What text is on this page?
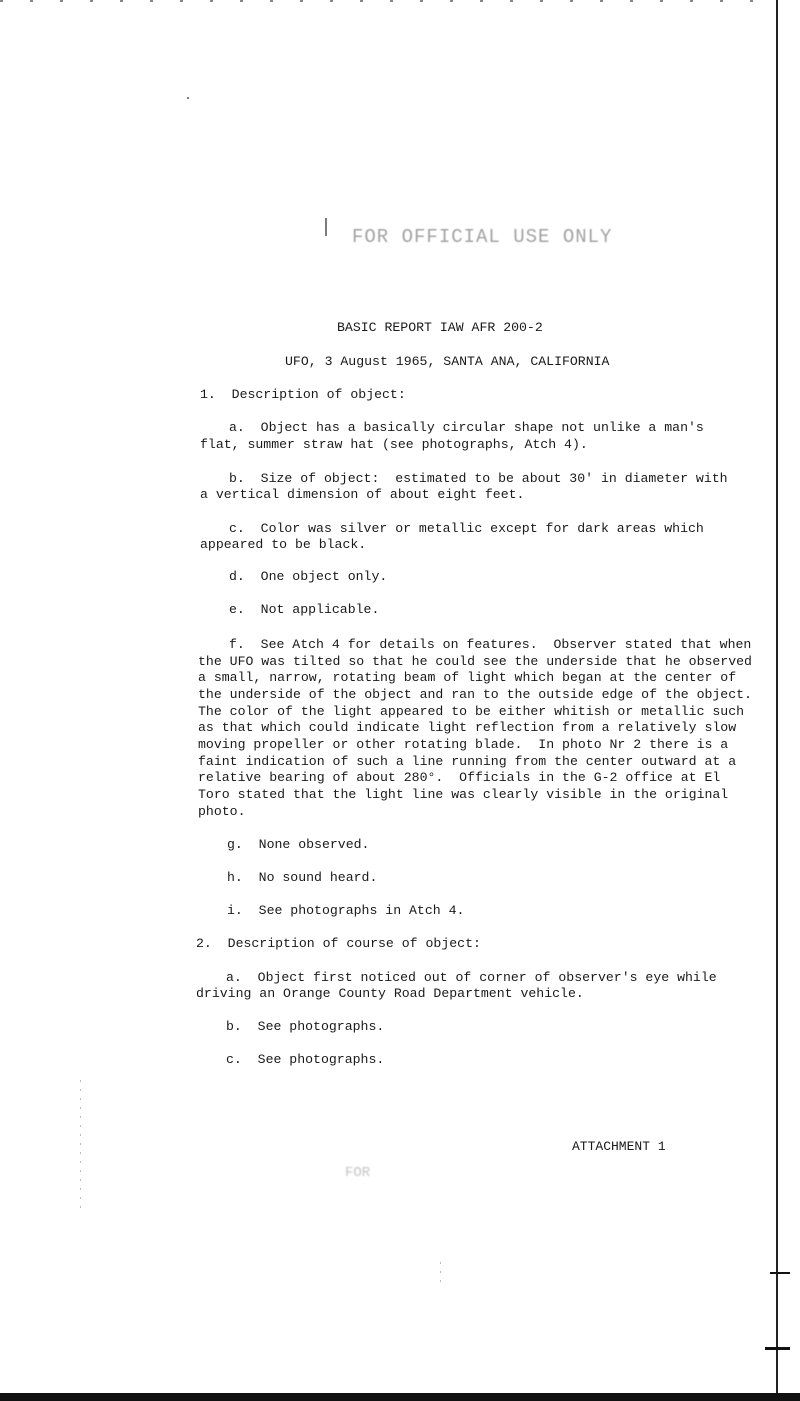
FOR OFFICIAL USE ONLY
BASIC REPORT IAW AFR 200-2
UFO, 3 August 1965, SANTA ANA, CALIFORNIA
1.  Description of object:
a.  Object has a basically circular shape not unlike a man's
flat, summer straw hat (see photographs, Atch 4).
b.  Size of object:  estimated to be about 30' in diameter with
a vertical dimension of about eight feet.
c.  Color was silver or metallic except for dark areas which
appeared to be black.
d.  One object only.
e.  Not applicable.
f.  See Atch 4 for details on features.  Observer stated that when
the UFO was tilted so that he could see the underside that he observed
a small, narrow, rotating beam of light which began at the center of
the underside of the object and ran to the outside edge of the object.
The color of the light appeared to be either whitish or metallic such
as that which could indicate light reflection from a relatively slow
moving propeller or other rotating blade.  In photo Nr 2 there is a
faint indication of such a line running from the center outward at a
relative bearing of about 280°.  Officials in the G-2 office at El
Toro stated that the light line was clearly visible in the original
photo.
g.  None observed.
h.  No sound heard.
i.  See photographs in Atch 4.
2.  Description of course of object:
a.  Object first noticed out of corner of observer's eye while
driving an Orange County Road Department vehicle.
b.  See photographs.
c.  See photographs.
ATTACHMENT 1
FOR
